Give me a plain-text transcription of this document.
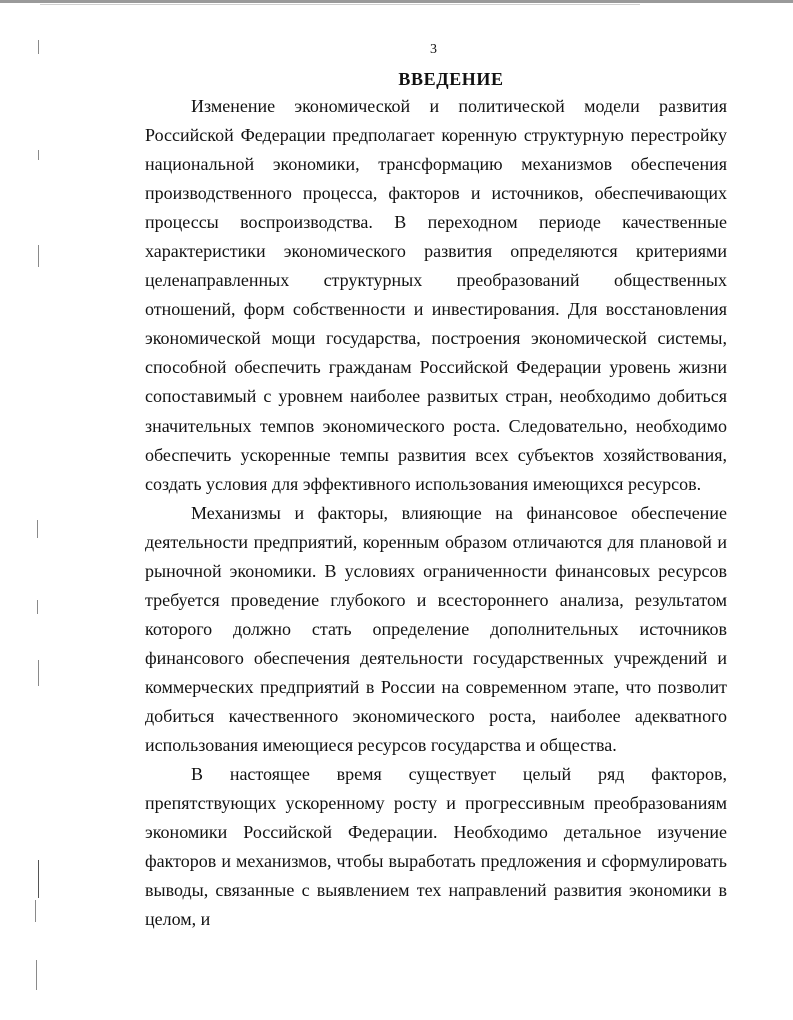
3
ВВЕДЕНИЕ

Изменение экономической и политической модели развития Российской Федерации предполагает коренную структурную перестройку национальной экономики, трансформацию механизмов обеспечения производственного процесса, факторов и источников, обеспечивающих процессы воспроизводства. В переходном периоде качественные характеристики экономического развития определяются критериями целенаправленных структурных преобразований общественных отношений, форм собственности и инвестирования. Для восстановления экономической мощи государства, построения экономической системы, способной обеспечить гражданам Российской Федерации уровень жизни сопоставимый с уровнем наиболее развитых стран, необходимо добиться значительных темпов экономического роста. Следовательно, необходимо обеспечить ускоренные темпы развития всех субъектов хозяйствования, создать условия для эффективного использования имеющихся ресурсов.

Механизмы и факторы, влияющие на финансовое обеспечение деятельности предприятий, коренным образом отличаются для плановой и рыночной экономики. В условиях ограниченности финансовых ресурсов требуется проведение глубокого и всестороннего анализа, результатом которого должно стать определение дополнительных источников финансового обеспечения деятельности государственных учреждений и коммерческих предприятий в России на современном этапе, что позволит добиться качественного экономического роста, наиболее адекватного использования имеющиеся ресурсов государства и общества.

В настоящее время существует целый ряд факторов, препятствующих ускоренному росту и прогрессивным преобразованиям экономики Российской Федерации. Необходимо детальное изучение факторов и механизмов, чтобы выработать предложения и сформулировать выводы, связанные с выявлением тех направлений развития экономики в целом, и
